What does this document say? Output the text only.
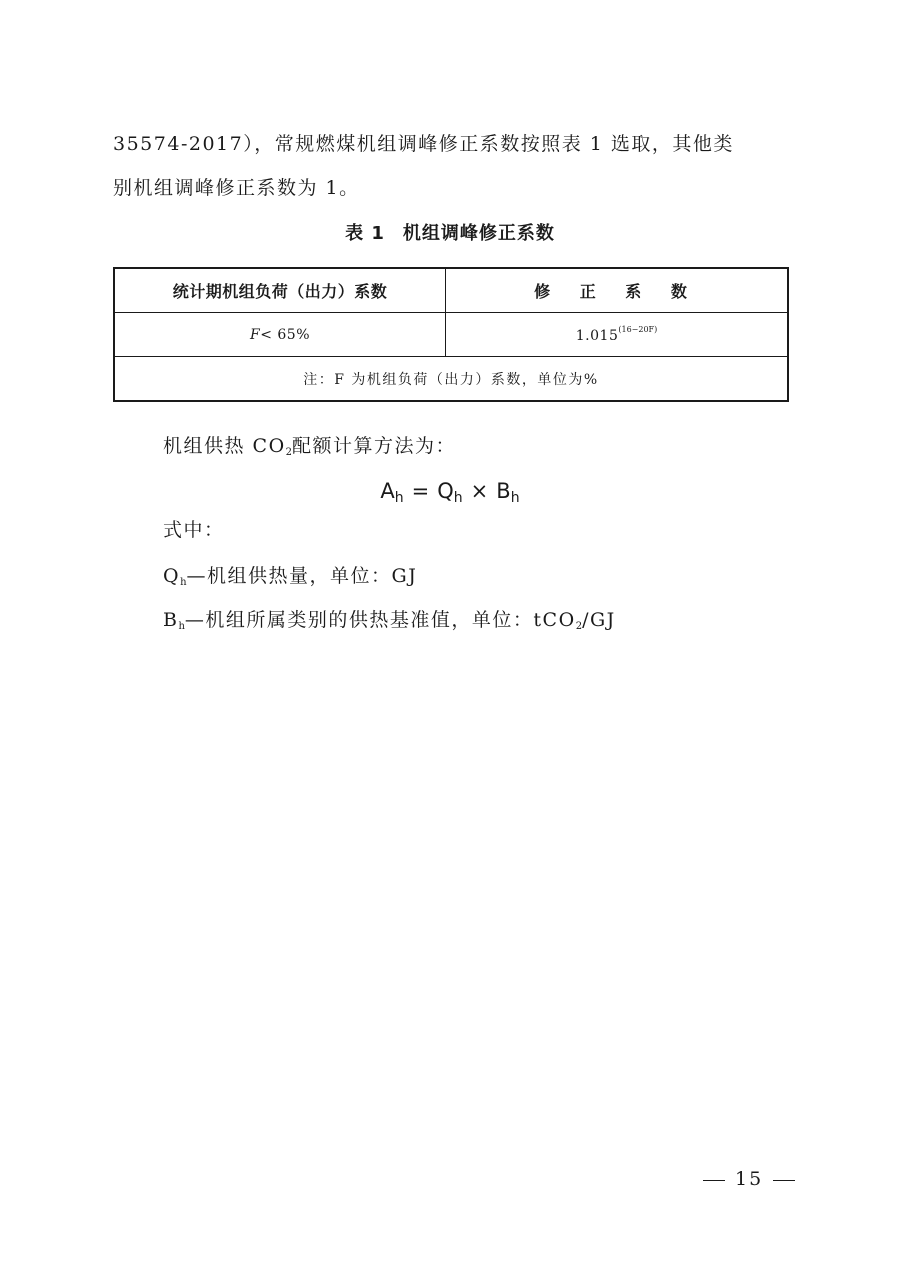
35574-2017），常规燃煤机组调峰修正系数按照表 1 选取，其他类
别机组调峰修正系数为 1。
表 1 机组调峰修正系数
统计期机组负荷（出力）系数	修 正 系 数
F< 65%	$1.015^{(16-20F)}$
注：F 为机组负荷（出力）系数，单位为%	
机组供热 CO2配额计算方法为：
$A_h = Q_h \times B_h$
式中：
Qh—机组供热量，单位：GJ
Bh—机组所属类别的供热基准值，单位：tCO2/GJ
15
